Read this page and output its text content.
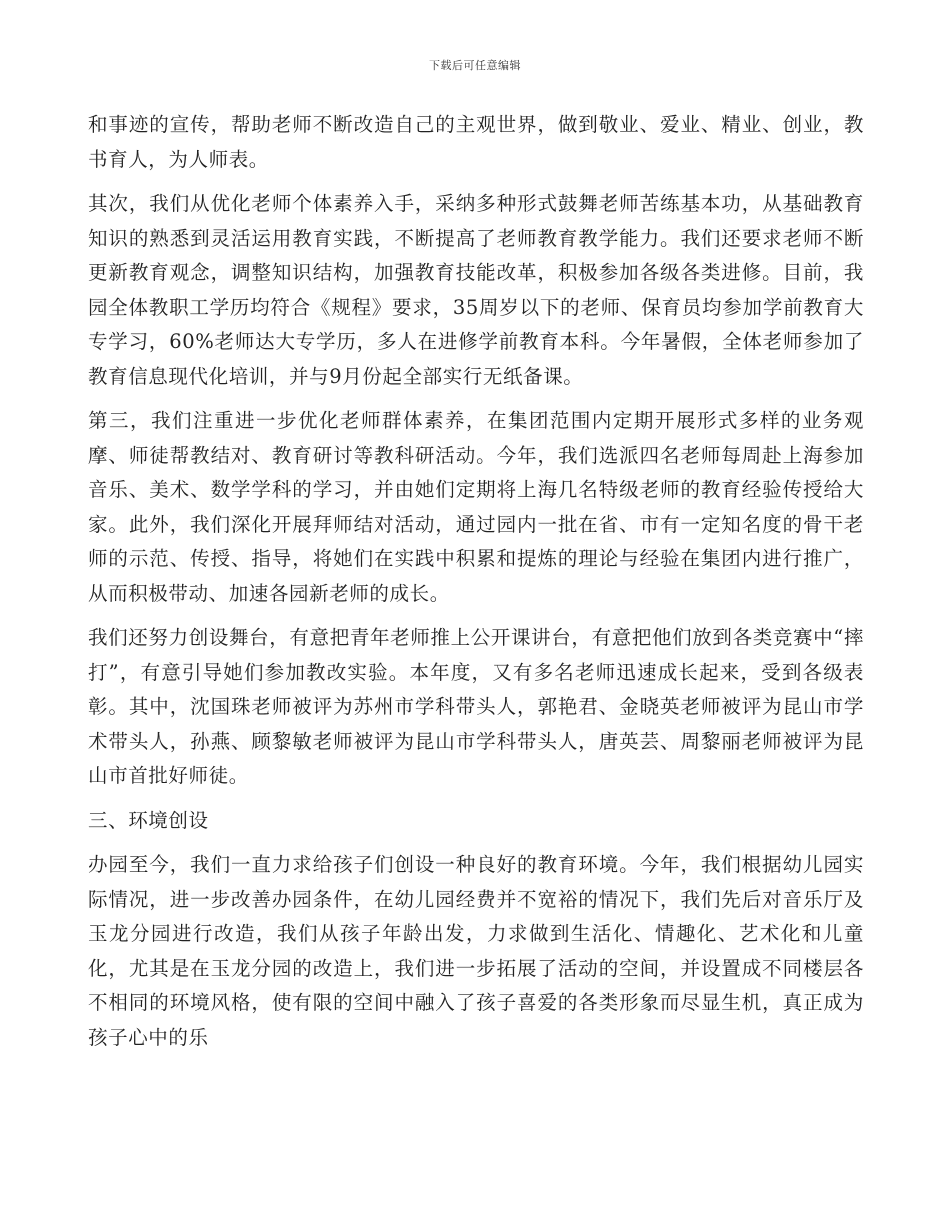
下载后可任意编辑

和事迹的宣传，帮助老师不断改造自己的主观世界，做到敬业、爱业、精业、创业，教书育人，为人师表。

其次，我们从优化老师个体素养入手，采纳多种形式鼓舞老师苦练基本功，从基础教育知识的熟悉到灵活运用教育实践，不断提高了老师教育教学能力。我们还要求老师不断更新教育观念，调整知识结构，加强教育技能改革，积极参加各级各类进修。目前，我园全体教职工学历均符合《规程》要求，35周岁以下的老师、保育员均参加学前教育大专学习，60%老师达大专学历，多人在进修学前教育本科。今年暑假，全体老师参加了教育信息现代化培训，并与9月份起全部实行无纸备课。

第三，我们注重进一步优化老师群体素养，在集团范围内定期开展形式多样的业务观摩、师徒帮教结对、教育研讨等教科研活动。今年，我们选派四名老师每周赴上海参加音乐、美术、数学学科的学习，并由她们定期将上海几名特级老师的教育经验传授给大家。此外，我们深化开展拜师结对活动，通过园内一批在省、市有一定知名度的骨干老师的示范、传授、指导，将她们在实践中积累和提炼的理论与经验在集团内进行推广，从而积极带动、加速各园新老师的成长。

我们还努力创设舞台，有意把青年老师推上公开课讲台，有意把他们放到各类竞赛中“摔打”，有意引导她们参加教改实验。本年度，又有多名老师迅速成长起来，受到各级表彰。其中，沈国珠老师被评为苏州市学科带头人，郭艳君、金晓英老师被评为昆山市学术带头人，孙燕、顾黎敏老师被评为昆山市学科带头人，唐英芸、周黎丽老师被评为昆山市首批好师徒。

三、环境创设

办园至今，我们一直力求给孩子们创设一种良好的教育环境。今年，我们根据幼儿园实际情况，进一步改善办园条件，在幼儿园经费并不宽裕的情况下，我们先后对音乐厅及玉龙分园进行改造，我们从孩子年龄出发，力求做到生活化、情趣化、艺术化和儿童化，尤其是在玉龙分园的改造上，我们进一步拓展了活动的空间，并设置成不同楼层各不相同的环境风格，使有限的空间中融入了孩子喜爱的各类形象而尽显生机，真正成为孩子心中的乐
